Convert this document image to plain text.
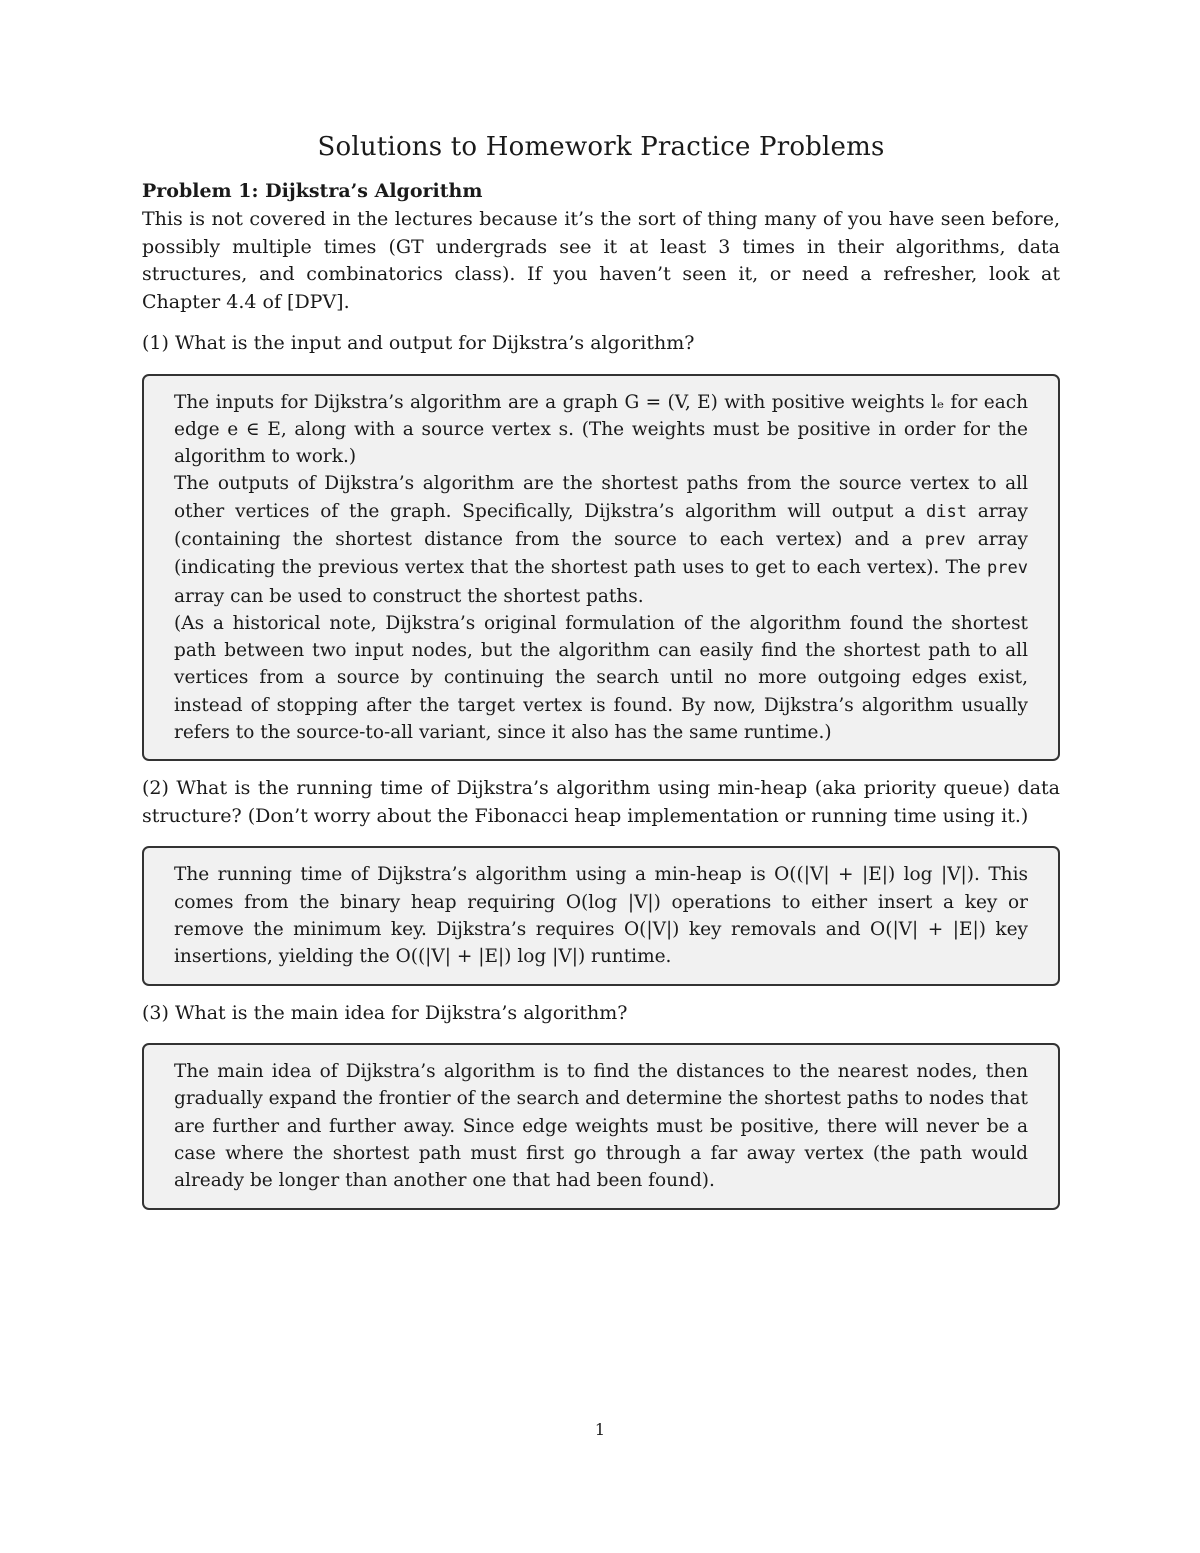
Solutions to Homework Practice Problems
Problem 1: Dijkstra’s Algorithm

This is not covered in the lectures because it’s the sort of thing many of you have seen before, possibly multiple times (GT undergrads see it at least 3 times in their algorithms, data structures, and combinatorics class). If you haven’t seen it, or need a refresher, look at Chapter 4.4 of [DPV].

(1) What is the input and output for Dijkstra’s algorithm?

The inputs for Dijkstra’s algorithm are a graph G = (V, E) with positive weights lₑ for each edge e ∈ E, along with a source vertex s. (The weights must be positive in order for the algorithm to work.)

The outputs of Dijkstra’s algorithm are the shortest paths from the source vertex to all other vertices of the graph. Specifically, Dijkstra’s algorithm will output a dist array (containing the shortest distance from the source to each vertex) and a prev array (indicating the previous vertex that the shortest path uses to get to each vertex). The prev array can be used to construct the shortest paths.

(As a historical note, Dijkstra’s original formulation of the algorithm found the shortest path between two input nodes, but the algorithm can easily find the shortest path to all vertices from a source by continuing the search until no more outgoing edges exist, instead of stopping after the target vertex is found. By now, Dijkstra’s algorithm usually refers to the source-to-all variant, since it also has the same runtime.)

(2) What is the running time of Dijkstra’s algorithm using min-heap (aka priority queue) data structure? (Don’t worry about the Fibonacci heap implementation or running time using it.)

The running time of Dijkstra’s algorithm using a min-heap is O((|V| + |E|) log |V|). This comes from the binary heap requiring O(log |V|) operations to either insert a key or remove the minimum key. Dijkstra’s requires O(|V|) key removals and O(|V| + |E|) key insertions, yielding the O((|V| + |E|) log |V|) runtime.

(3) What is the main idea for Dijkstra’s algorithm?

The main idea of Dijkstra’s algorithm is to find the distances to the nearest nodes, then gradually expand the frontier of the search and determine the shortest paths to nodes that are further and further away. Since edge weights must be positive, there will never be a case where the shortest path must first go through a far away vertex (the path would already be longer than another one that had been found).

1
